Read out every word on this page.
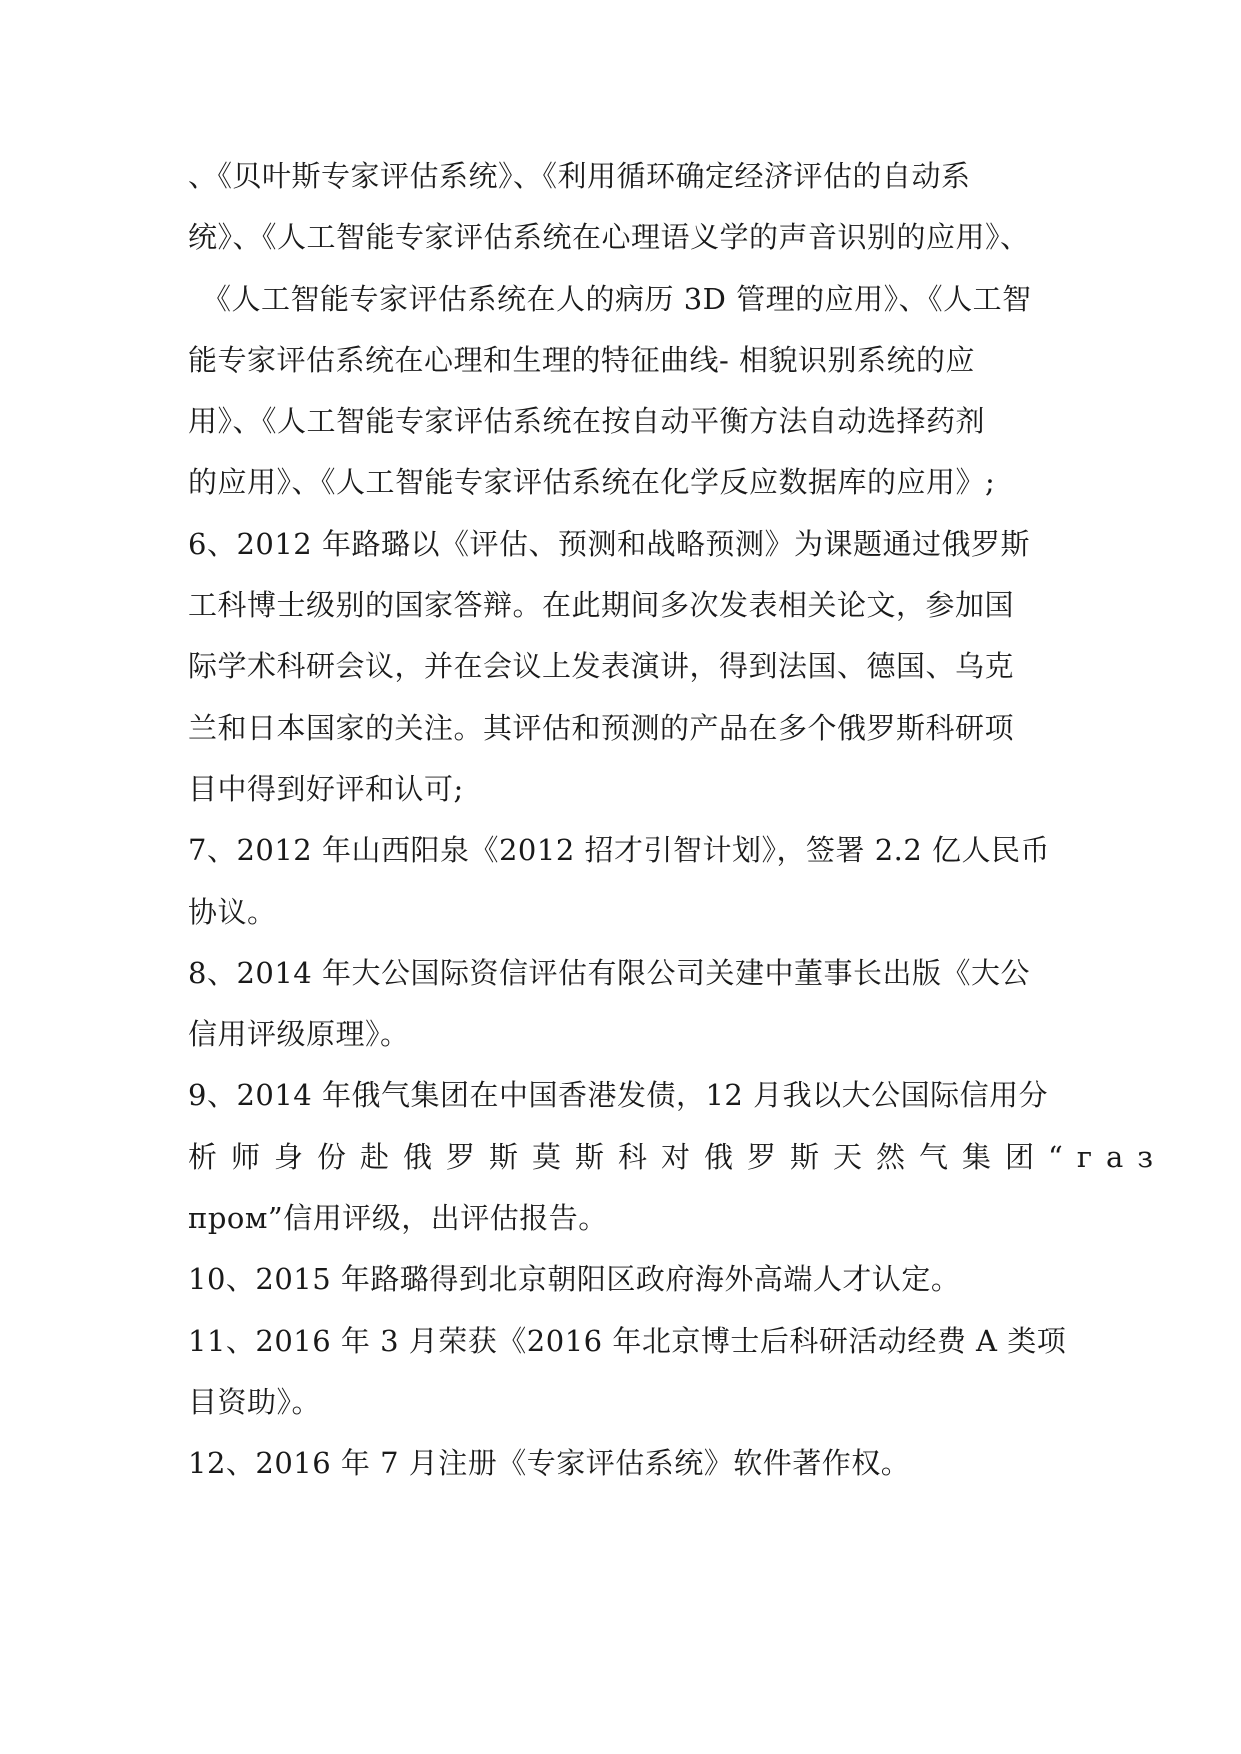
、《贝叶斯专家评估系统》、《利用循环确定经济评估的自动系
统》、《人工智能专家评估系统在心理语义学的声音识别的应用》、
《人工智能专家评估系统在人的病历 3D 管理的应用》、《人工智
能专家评估系统在心理和生理的特征曲线- 相貌识别系统的应
用》、《人工智能专家评估系统在按自动平衡方法自动选择药剂
的应用》、《人工智能专家评估系统在化学反应数据库的应用》;
6、2012 年路璐以《评估、预测和战略预测》为课题通过俄罗斯
工科博士级别的国家答辩。在此期间多次发表相关论文，参加国
际学术科研会议，并在会议上发表演讲，得到法国、德国、乌克
兰和日本国家的关注。其评估和预测的产品在多个俄罗斯科研项
目中得到好评和认可;
7、2012 年山西阳泉《2012 招才引智计划》，签署 2.2 亿人民币
协议。
8、2014 年大公国际资信评估有限公司关建中董事长出版《大公
信用评级原理》。
9、2014 年俄气集团在中国香港发债，12 月我以大公国际信用分
析师身份赴俄罗斯莫斯科对俄罗斯天然气集团“газ
пром”信用评级，出评估报告。
10、2015 年路璐得到北京朝阳区政府海外高端人才认定。
11、2016 年 3 月荣获《2016 年北京博士后科研活动经费 A 类项
目资助》。
12、2016 年 7 月注册《专家评估系统》软件著作权。
